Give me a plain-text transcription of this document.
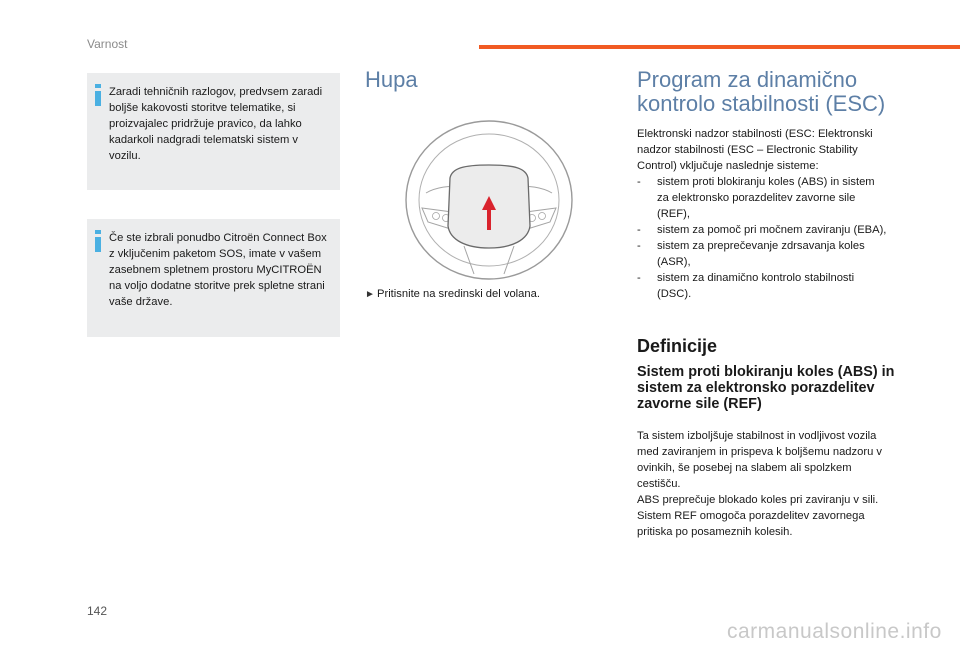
Varnost
Zaradi tehničnih razlogov, predvsem zaradi boljše kakovosti storitve telematike, si proizvajalec pridržuje pravico, da lahko kadarkoli nadgradi telematski sistem v vozilu.
Če ste izbrali ponudbo Citroën Connect Box z vključenim paketom SOS, imate v vašem zasebnem spletnem prostoru MyCITROËN na voljo dodatne storitve prek spletne strani vaše države.
Hupa
► Pritisnite na sredinski del volana.
Program za dinamično
kontrolo stabilnosti (ESC)

Elektronski nadzor stabilnosti (ESC: Elektronski nadzor stabilnosti (ESC – Electronic Stability Control) vključuje naslednje sisteme:

- sistem proti blokiranju koles (ABS) in sistem za elektronsko porazdelitev zavorne sile (REF),
- sistem za pomoč pri močnem zaviranju (EBA),
- sistem za preprečevanje zdrsavanja koles (ASR),
- sistem za dinamično kontrolo stabilnosti (DSC).
Definicije
Sistem proti blokiranju koles (ABS) in sistem za elektronsko porazdelitev zavorne sile (REF)

Ta sistem izboljšuje stabilnost in vodljivost vozila med zaviranjem in prispeva k boljšemu nadzoru v ovinkih, še posebej na slabem ali spolzkem cestišču.

ABS preprečuje blokado koles pri zaviranju v sili.

Sistem REF omogoča porazdelitev zavornega pritiska po posameznih kolesih.

142
carmanualsonline.info
